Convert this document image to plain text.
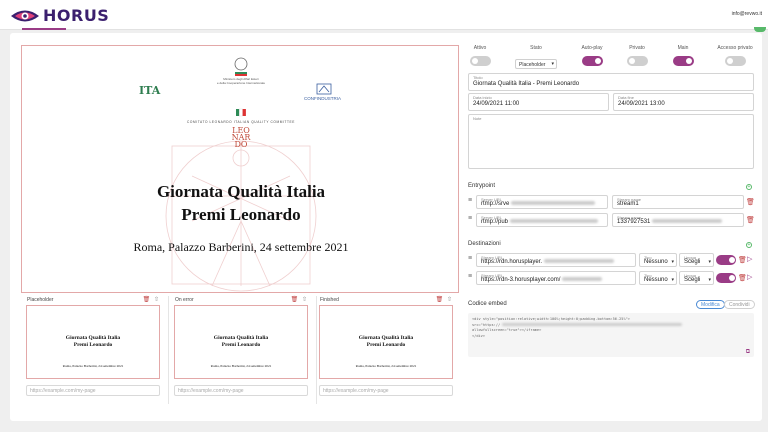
HORUS	info@revwo.it
ITA
Ministero degli Affari Esteri
e della Cooperazione Internazionale
CONFINDUSTRIA
COMITATO LEONARDO ITALIAN QUALITY COMMITTEE
LEO NAR DO
Giornata Qualità Italia
Premi Leonardo
Roma, Palazzo Barberini, 24 settembre 2021
Placeholder	🗑 ⇧
Giornata Qualità Italia
Premi Leonardo
Roma, Palazzo Barberini, 24 settembre 2021
https://example.com/my-page
On error	🗑 ⇧
Giornata Qualità Italia
Premi Leonardo
Roma, Palazzo Barberini, 24 settembre 2021
https://example.com/my-page
Finished	🗑 ⇧
Giornata Qualità Italia
Premi Leonardo
Roma, Palazzo Barberini, 24 settembre 2021
https://example.com/my-page
Attivo	Stato
Placeholder ▾
Auto-play	Privato	Main	Accesso privato
Titolo
Giornata Qualità Italia - Premi Leonardo
Data inizio
24/09/2021 11:00
Data fine
24/09/2021 13:00
Note
Entrypoint	+
≡ Server URL
rtmp://srve
Stream name
stream1	🗑
≡ Server URL
rtmp://pub
Stream name
1337927531	🗑
Destinazioni	+
≡ Stream URL
https://rdn.horusplayer.
Tipo
Nessuno ▾
Lingua
Scegli ▾	🗑 ▷
≡ Stream URL
https://rdn-3.horusplayer.com/
Tipo
Nessuno ▾
Lingua
Scegli ▾	🗑 ▷
Codice embed	Modifica	Condividi
<div style="position:relative;width:100%;height:0;padding-bottom:56.25%">
src="https://
allowfullscreen="true"></iframe>
</div>
⧉
